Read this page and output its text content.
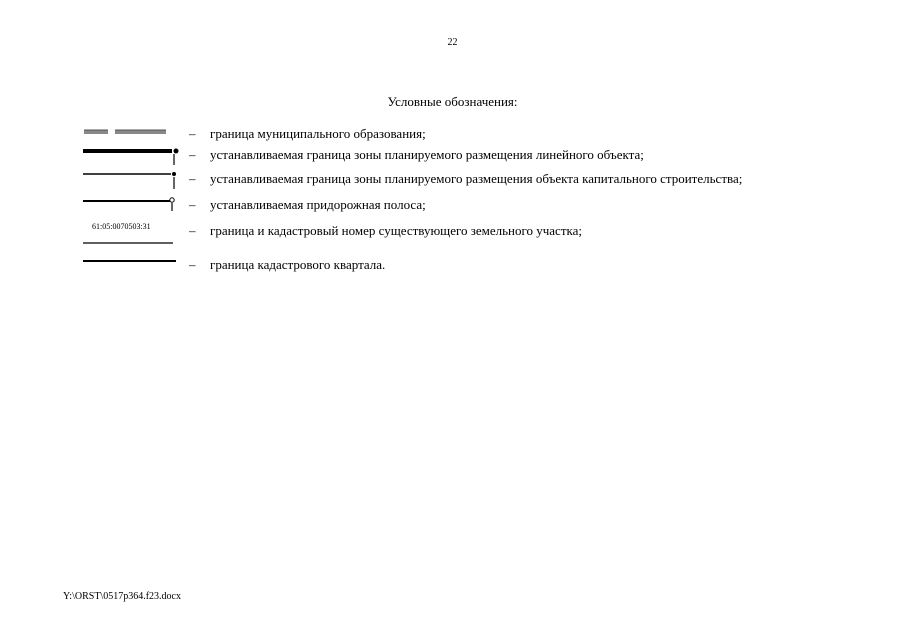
22
Условные обозначения:
– граница муниципального образования;
– устанавливаемая граница зоны планируемого размещения линейного объекта;
– устанавливаемая граница зоны планируемого размещения объекта капитального строительства;
– устанавливаемая придорожная полоса;
61:05:0070503:31	– граница и кадастровый номер существующего земельного участка;
– граница кадастрового квартала.
Y:\ORST\0517p364.f23.docx
